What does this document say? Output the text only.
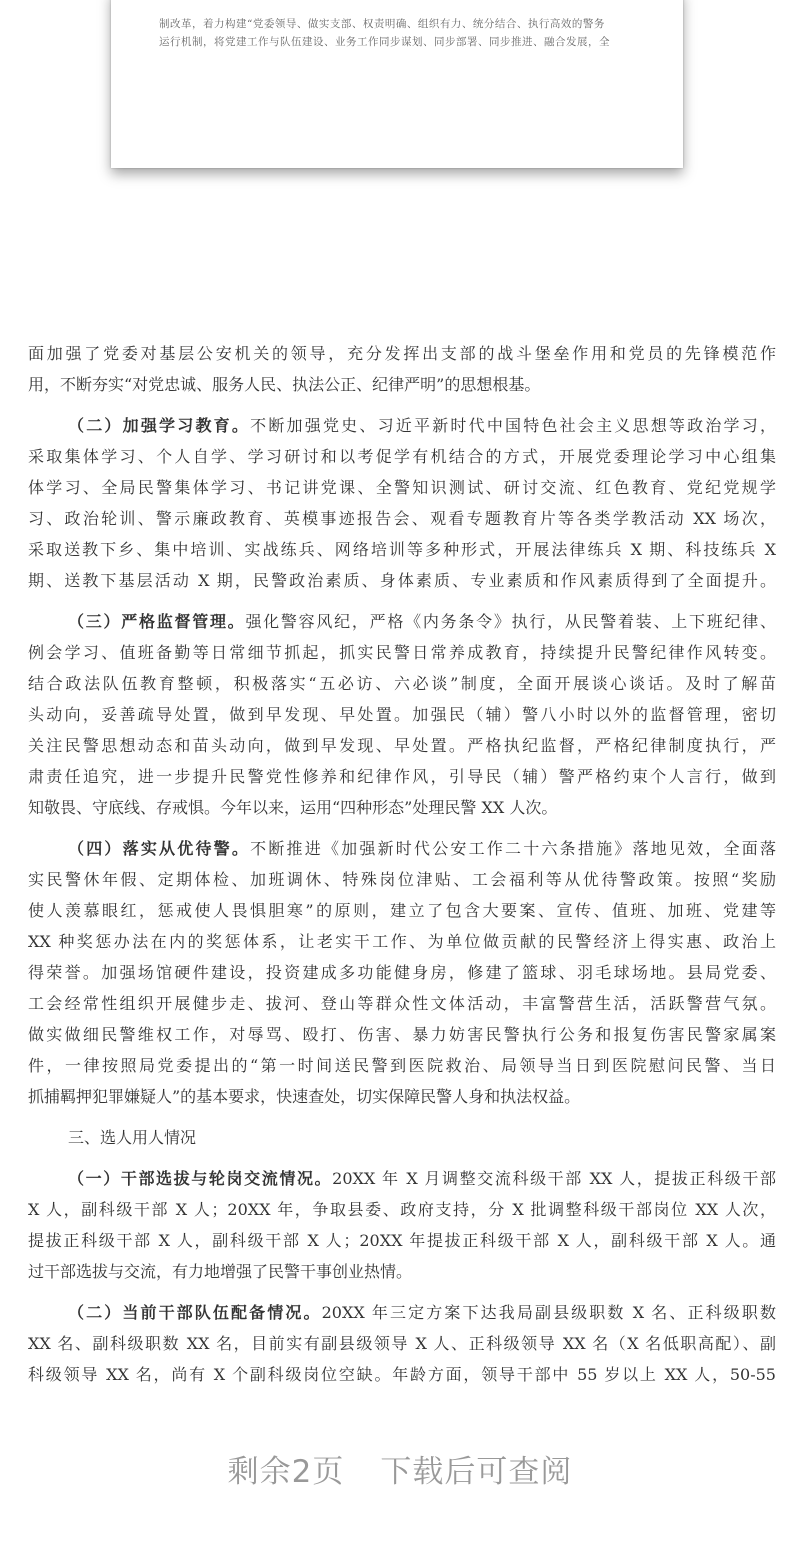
制改革，着力构建“党委领导、做实支部、权责明确、组织有力、统分结合、执行高效的警务
运行机制，将党建工作与队伍建设、业务工作同步谋划、同步部署、同步推进、融合发展，全
面加强了党委对基层公安机关的领导，充分发挥出支部的战斗堡垒作用和党员的先锋模范作
用，不断夯实“对党忠诚、服务人民、执法公正、纪律严明”的思想根基。
（二）加强学习教育。不断加强党史、习近平新时代中国特色社会主义思想等政治学习，
采取集体学习、个人自学、学习研讨和以考促学有机结合的方式，开展党委理论学习中心组集
体学习、全局民警集体学习、书记讲党课、全警知识测试、研讨交流、红色教育、党纪党规学
习、政治轮训、警示廉政教育、英模事迹报告会、观看专题教育片等各类学教活动 XX 场次，
采取送教下乡、集中培训、实战练兵、网络培训等多种形式，开展法律练兵 X 期、科技练兵 X
期、送教下基层活动 X 期，民警政治素质、身体素质、专业素质和作风素质得到了全面提升。
（三）严格监督管理。强化警容风纪，严格《内务条令》执行，从民警着装、上下班纪律、
例会学习、值班备勤等日常细节抓起，抓实民警日常养成教育，持续提升民警纪律作风转变。
结合政法队伍教育整顿，积极落实“五必访、六必谈”制度，全面开展谈心谈话。及时了解苗
头动向，妥善疏导处置，做到早发现、早处置。加强民（辅）警八小时以外的监督管理，密切
关注民警思想动态和苗头动向，做到早发现、早处置。严格执纪监督，严格纪律制度执行，严
肃责任追究，进一步提升民警党性修养和纪律作风，引导民（辅）警严格约束个人言行，做到
知敬畏、守底线、存戒惧。今年以来，运用“四种形态”处理民警 XX 人次。
（四）落实从优待警。不断推进《加强新时代公安工作二十六条措施》落地见效，全面落
实民警休年假、定期体检、加班调休、特殊岗位津贴、工会福利等从优待警政策。按照“奖励
使人羡慕眼红，惩戒使人畏惧胆寒”的原则，建立了包含大要案、宣传、值班、加班、党建等
XX 种奖惩办法在内的奖惩体系，让老实干工作、为单位做贡献的民警经济上得实惠、政治上
得荣誉。加强场馆硬件建设，投资建成多功能健身房，修建了篮球、羽毛球场地。县局党委、
工会经常性组织开展健步走、拔河、登山等群众性文体活动，丰富警营生活，活跃警营气氛。
做实做细民警维权工作，对辱骂、殴打、伤害、暴力妨害民警执行公务和报复伤害民警家属案
件，一律按照局党委提出的“第一时间送民警到医院救治、局领导当日到医院慰问民警、当日
抓捕羁押犯罪嫌疑人”的基本要求，快速查处，切实保障民警人身和执法权益。
三、选人用人情况
（一）干部选拔与轮岗交流情况。20XX 年 X 月调整交流科级干部 XX 人，提拔正科级干部
X 人，副科级干部 X 人；20XX 年，争取县委、政府支持，分 X 批调整科级干部岗位 XX 人次，
提拔正科级干部 X 人，副科级干部 X 人；20XX 年提拔正科级干部 X 人，副科级干部 X 人。通
过干部选拔与交流，有力地增强了民警干事创业热情。
（二）当前干部队伍配备情况。20XX 年三定方案下达我局副县级职数 X 名、正科级职数
XX 名、副科级职数 XX 名，目前实有副县级领导 X 人、正科级领导 XX 名（X 名低职高配）、副
科级领导 XX 名，尚有 X 个副科级岗位空缺。年龄方面，领导干部中 55 岁以上 XX 人，50-55
剩余2页 下载后可查阅
